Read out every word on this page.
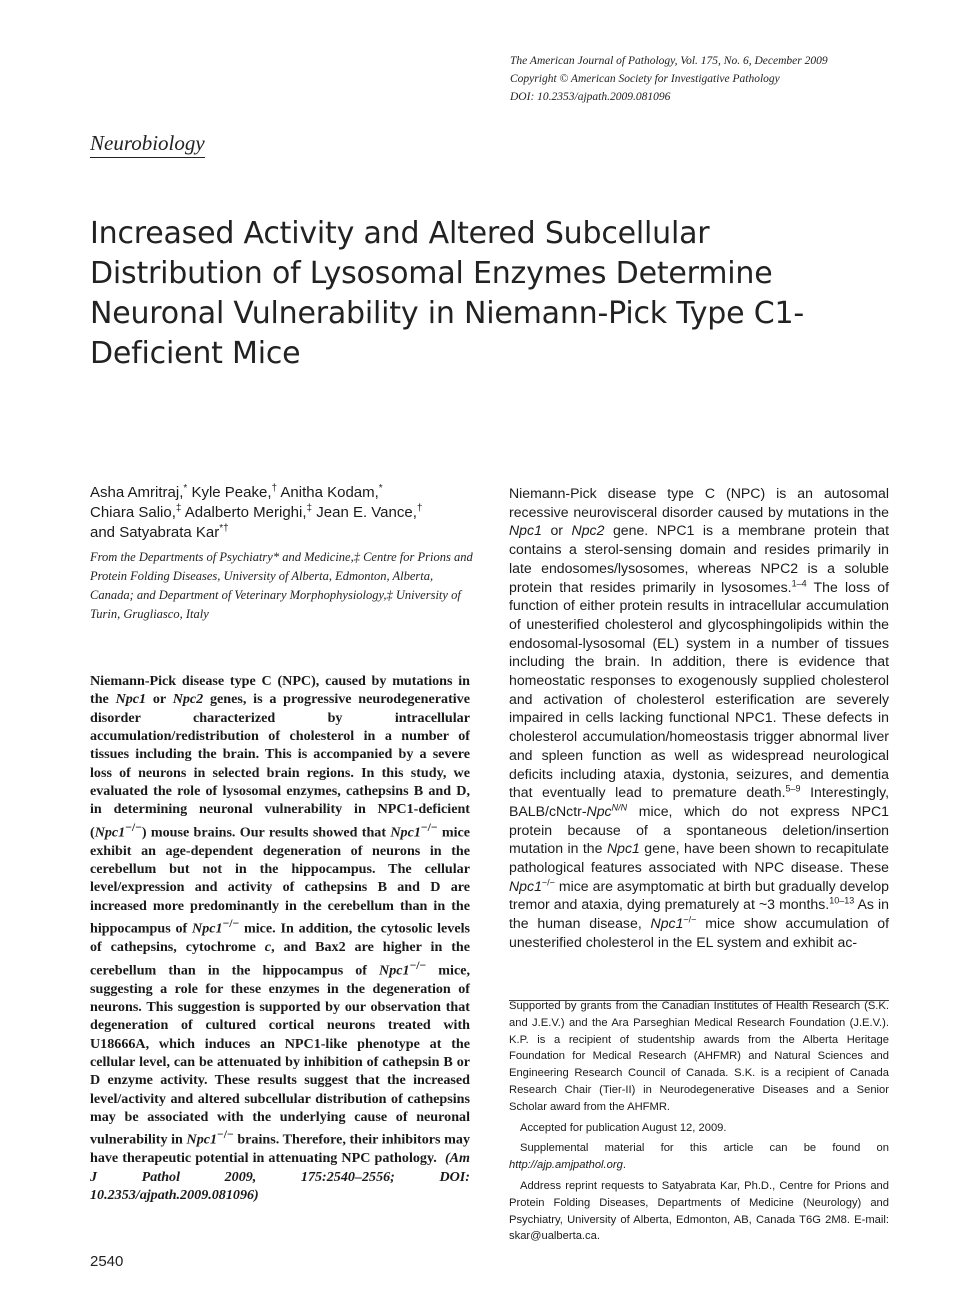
The American Journal of Pathology, Vol. 175, No. 6, December 2009
Copyright © American Society for Investigative Pathology
DOI: 10.2353/ajpath.2009.081096
Neurobiology
Increased Activity and Altered Subcellular Distribution of Lysosomal Enzymes Determine Neuronal Vulnerability in Niemann-Pick Type C1-Deficient Mice
Asha Amritraj,* Kyle Peake,† Anitha Kodam,*
Chiara Salio,‡ Adalberto Merighi,‡ Jean E. Vance,†
and Satyabrata Kar*†
From the Departments of Psychiatry* and Medicine,‡ Centre for Prions and Protein Folding Diseases, University of Alberta, Edmonton, Alberta, Canada; and Department of Veterinary Morphophysiology,‡ University of Turin, Grugliasco, Italy

Niemann-Pick disease type C (NPC), caused by mutations in the Npc1 or Npc2 genes, is a progressive neurodegenerative disorder characterized by intracellular accumulation/redistribution of cholesterol in a number of tissues including the brain. This is accompanied by a severe loss of neurons in selected brain regions. In this study, we evaluated the role of lysosomal enzymes, cathepsins B and D, in determining neuronal vulnerability in NPC1-deficient (Npc1−/−) mouse brains. Our results showed that Npc1−/− mice exhibit an age-dependent degeneration of neurons in the cerebellum but not in the hippocampus. The cellular level/expression and activity of cathepsins B and D are increased more predominantly in the cerebellum than in the hippocampus of Npc1−/− mice. In addition, the cytosolic levels of cathepsins, cytochrome c, and Bax2 are higher in the cerebellum than in the hippocampus of Npc1−/− mice, suggesting a role for these enzymes in the degeneration of neurons. This suggestion is supported by our observation that degeneration of cultured cortical neurons treated with U18666A, which induces an NPC1-like phenotype at the cellular level, can be attenuated by inhibition of cathepsin B or D enzyme activity. These results suggest that the increased level/activity and altered subcellular distribution of cathepsins may be associated with the underlying cause of neuronal vulnerability in Npc1−/− brains. Therefore, their inhibitors may have therapeutic potential in attenuating NPC pathology. (Am J Pathol 2009, 175:2540–2556; DOI: 10.2353/ajpath.2009.081096)

2540

Niemann-Pick disease type C (NPC) is an autosomal recessive neurovisceral disorder caused by mutations in the Npc1 or Npc2 gene. NPC1 is a membrane protein that contains a sterol-sensing domain and resides primarily in late endosomes/lysosomes, whereas NPC2 is a soluble protein that resides primarily in lysosomes.$^{1-4}$ The loss of function of either protein results in intracellular accumulation of unesterified cholesterol and glycosphingolipids within the endosomal-lysosomal (EL) system in a number of tissues including the brain. In addition, there is evidence that homeostatic responses to exogenously supplied cholesterol and activation of cholesterol esterification are severely impaired in cells lacking functional NPC1. These defects in cholesterol accumulation/homeostasis trigger abnormal liver and spleen function as well as widespread neurological deficits including ataxia, dystonia, seizures, and dementia that eventually lead to premature death.$^{5-9}$ Interestingly, BALB/cNctr-Npc$^{N/N}$ mice, which do not express NPC1 protein because of a spontaneous deletion/insertion mutation in the Npc1 gene, have been shown to recapitulate pathological features associated with NPC disease. These Npc1−/− mice are asymptomatic at birth but gradually develop tremor and ataxia, dying prematurely at ~3 months.$^{10-13}$ As in the human disease, Npc1−/− mice show accumulation of unesterified cholesterol in the EL system and exhibit ac-

Supported by grants from the Canadian Institutes of Health Research (S.K. and J.E.V.) and the Ara Parseghian Medical Research Foundation (J.E.V.). K.P. is a recipient of studentship awards from the Alberta Heritage Foundation for Medical Research (AHFMR) and Natural Sciences and Engineering Research Council of Canada. S.K. is a recipient of Canada Research Chair (Tier-II) in Neurodegenerative Diseases and a Senior Scholar award from the AHFMR.

Accepted for publication August 12, 2009.

Supplemental material for this article can be found on http://ajp.amjpathol.org.

Address reprint requests to Satyabrata Kar, Ph.D., Centre for Prions and Protein Folding Diseases, Departments of Medicine (Neurology) and Psychiatry, University of Alberta, Edmonton, AB, Canada T6G 2M8. E-mail: skar@ualberta.ca.
